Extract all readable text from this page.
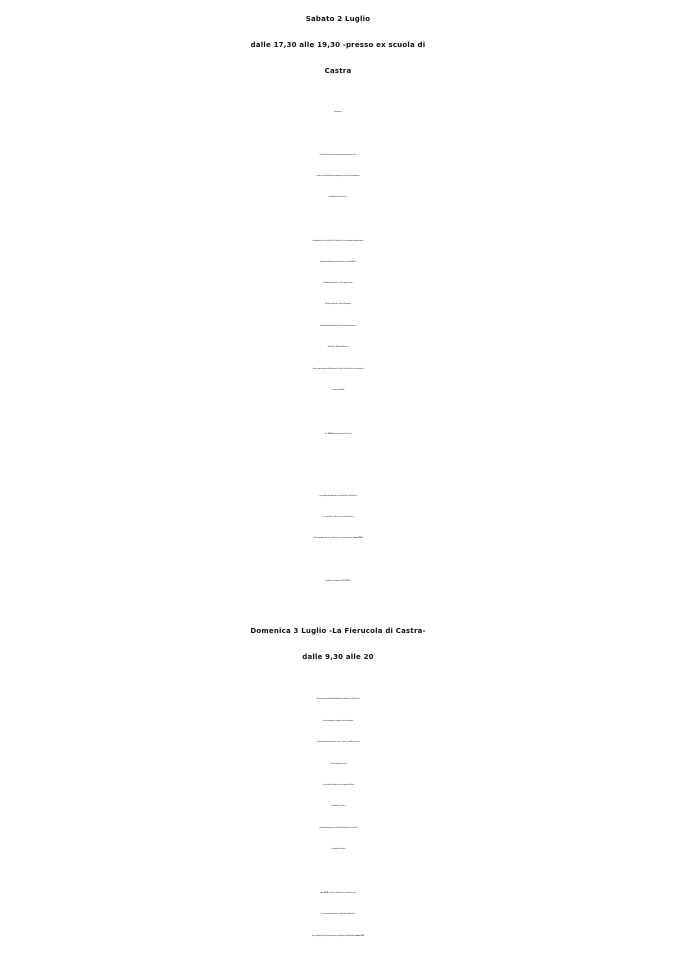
Sabato 2 Luglio
dalle 17,30 alle 19,30 -presso ex scuola di
Castra
Conferenza:
Una chiacchierata tra olivicoltori,vignaioli ed esperti che
metterà a confronto diverse esperienze e tecniche di coltivazione
parteciperanno all'incontro :
Introduzione :per CastraCivico50 ,Stefania Voli - due parole di presentazione
L'Agronomo Biodinamico Consulente -Leonello Anello
Viticoltore Biodinamico - Giuseppe Pluchino
Viticoltore Biologico - Blanca Rodriguez
Dott. Alessandro Marino Merlo agronomo biodinamico
Olivicoltore - Andrea Menichetti
Come rappresentante del Biodistretto ,la Sign. Silvia Pinferi che comunicherà
a seguire il dibattito
ore 19,30 presso ex scuola di Castra
con prodotti delle Aziende che riforniscono i G.A.S locali
e la cuoca Bio ,Tiziana con le cuoche di Castra
Musica popolare dal vivo con Pamela e la sua fisarmonica , Euro 20,00
gradita la prenotazione:349/5858439
Domenica 3 Luglio -La Fierucola di Castra-
dalle 9,30 alle 20
-Mercato con prodotti delle Aziende che riforniscono i G.A.S locali
con formaggi,pane ,ortaggi e frutta di stagione.
_Mercato di produzione locale con gli “storici “ produttori Castresi
_Piccolo artigianato locale
_Lo zoo utile di Matteo con due sorprese Pelose
_Laboratorio di filatura
_Laboratorio del pane con Silvia del panificio di Levocellule
_Laboratorio del vetro
ore 19,00 – Presso i locali dell' ex scuola di Castra
Un' aperitivo speciale con il Sommelier Filippo Cioli
che ci guidera' alla Degustazione dei vini Biologici del Montalbano Euro 5,00
